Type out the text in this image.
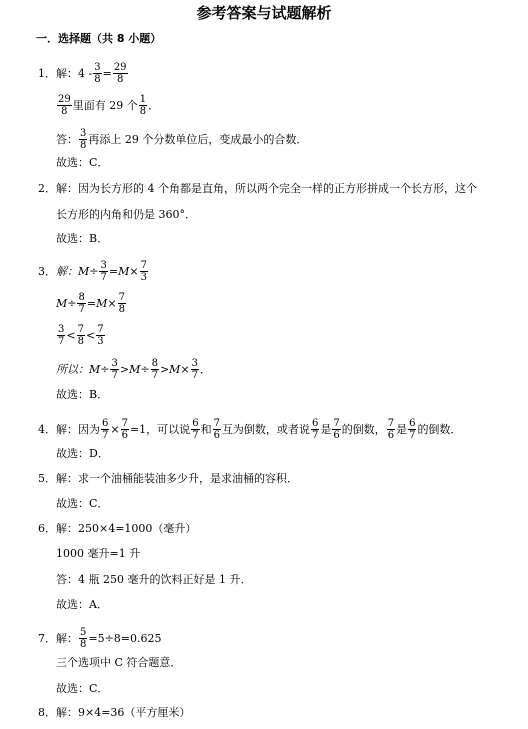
参考答案与试题解析
一．选择题（共 8 小题）
1． 解：$4 - \frac{3}{8} = \frac{29}{8}$
$\frac{29}{8}$ 里面有 29 个 $\frac{1}{8}$ ．
答： $\frac{3}{8}$ 再添上 29 个分数单位后，变成最小的合数．
故选：C．
2． 解：因为长方形的 4 个角都是直角，所以两个完全一样的正方形拼成一个长方形，这个
长方形的内角和仍是 360°．
故选：B．
3． 解：$M\div \frac{3}{7} =M\times \frac{7}{3}$
$M\div \frac{8}{7} =M\times \frac{7}{8}$
$\frac{3}{7} < \frac{7}{8} < \frac{7}{3}$
所以：$M\div \frac{3}{7} >M\div \frac{8}{7} >M\times \frac{3}{7}$ ．
故选：B．
4． 解：因为 $\frac{6}{7} \times \frac{7}{6} =1$，可以说 $\frac{6}{7}$ 和 $\frac{7}{6}$ 互为倒数，或者说 $\frac{6}{7}$ 是 $\frac{7}{6}$ 的倒数， $\frac{7}{6}$ 是 $\frac{6}{7}$ 的倒数．
故选：D．
5． 解：求一个油桶能装油多少升，是求油桶的容积．
故选：C．
6． 解：250×4=1000（毫升）
1000 毫升=1 升
答：4 瓶 250 毫升的饮料正好是 1 升．
故选：A．
7． 解： $\frac{5}{8} =5\div 8=0.625$
三个选项中 C 符合题意．
故选：C．
8． 解：9×4=36（平方厘米）
